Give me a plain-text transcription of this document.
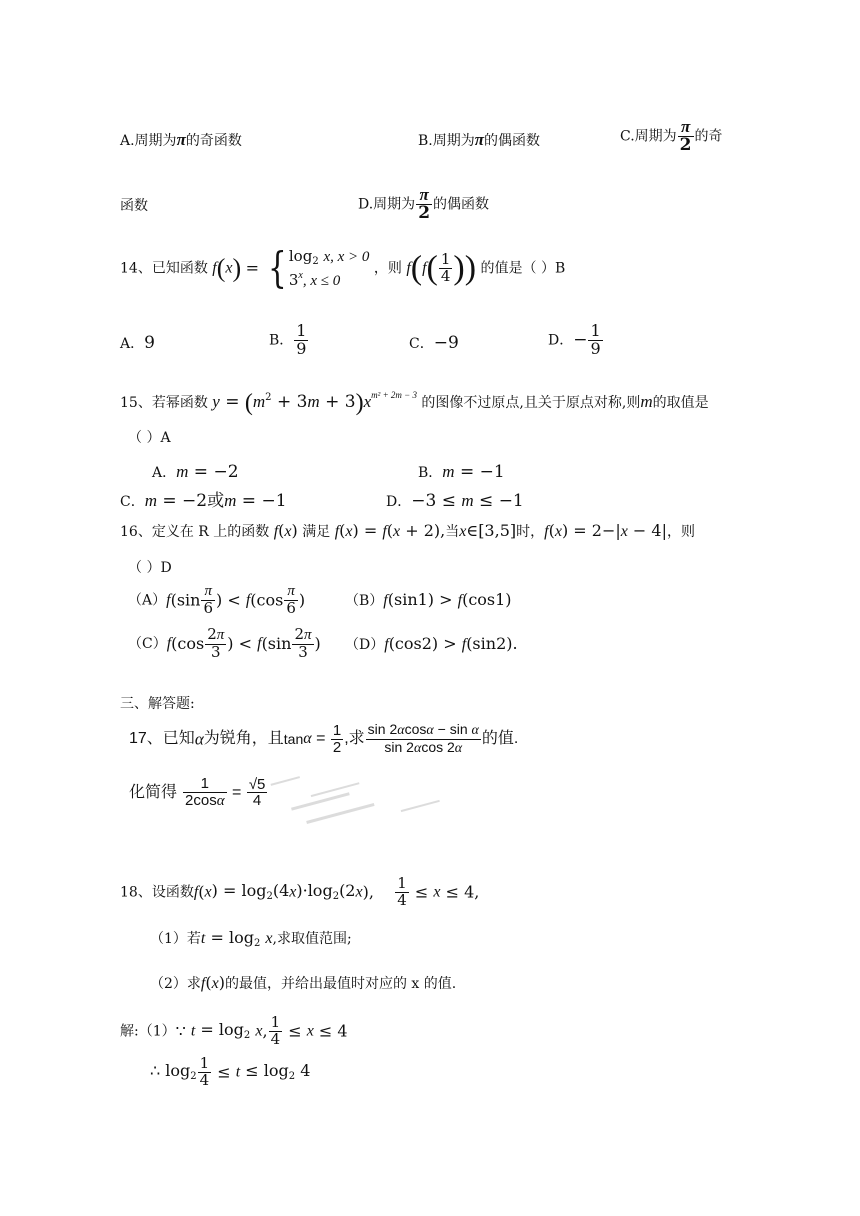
A.周期为π的奇函数	B.周期为π的偶函数	C.周期为 $\frac{\pi}{2}$ 的奇
函数	D.周期为 $\frac{\pi}{2}$ 的偶函数
14、已知函数 f(x) = { $\log_2 x$, x > 0
3$^x$, x ≤ 0
，则 $f(f( \frac{1}{4}$ )) 的值是（ ）B
A．9	B． $\frac{1}{9}$	C．−9	D．− $\frac{1}{9}$
15、若幂函数 $y = (m^2 + 3m + 3)x^{m^2 + 2m - 3}$ 的图像不过原点,且关于原点对称,则m的取值是
（ ）A
A．m = −2	B．m = −1
C．m = −2或m = −1	D．−3 ≤ m ≤ −1
16、定义在 R 上的函数 f(x) 满足 f(x) = f(x + 2),当x∈[3,5]时，f(x) = 2−|x − 4|，则
（ ）D
$(A)f(\sin \frac{\pi}{6}$ ) < $f(\cos \frac{\pi}{6}$ )	（B）f(sin1) > f(cos1)
$(C)f(\cos \frac{2\pi}{3}$ ) < $f(\sin \frac{2\pi}{3}$ ) （D）f(cos2) > f(sin2).
三、解答题:
17、已知α为锐角，且$\tan\alpha = \frac{1}{2}$ ,求 $\frac{\text{sin 2αcosα − sin α}}{\sin 2\alpha\cos 2\alpha}$ 的值.
化简得 $\frac{1}{2\cos\alpha} = \frac{√5}{4}$
18、设函数$f(x) = \log_2(4x)\cdot\log_2(2x)$, $\frac{1}{4} \le x \le 4$,
（1）若$t = \log_2 x$,求取值范围;
（2）求f(x)的最值，并给出最值时对应的 x 的值.
解:（1）∵ $t = \log_2 x$, $\frac{1}{4} \le x \le 4$
∴ $\log_2 \frac{1}{4} \le t \le \log_2 4$
